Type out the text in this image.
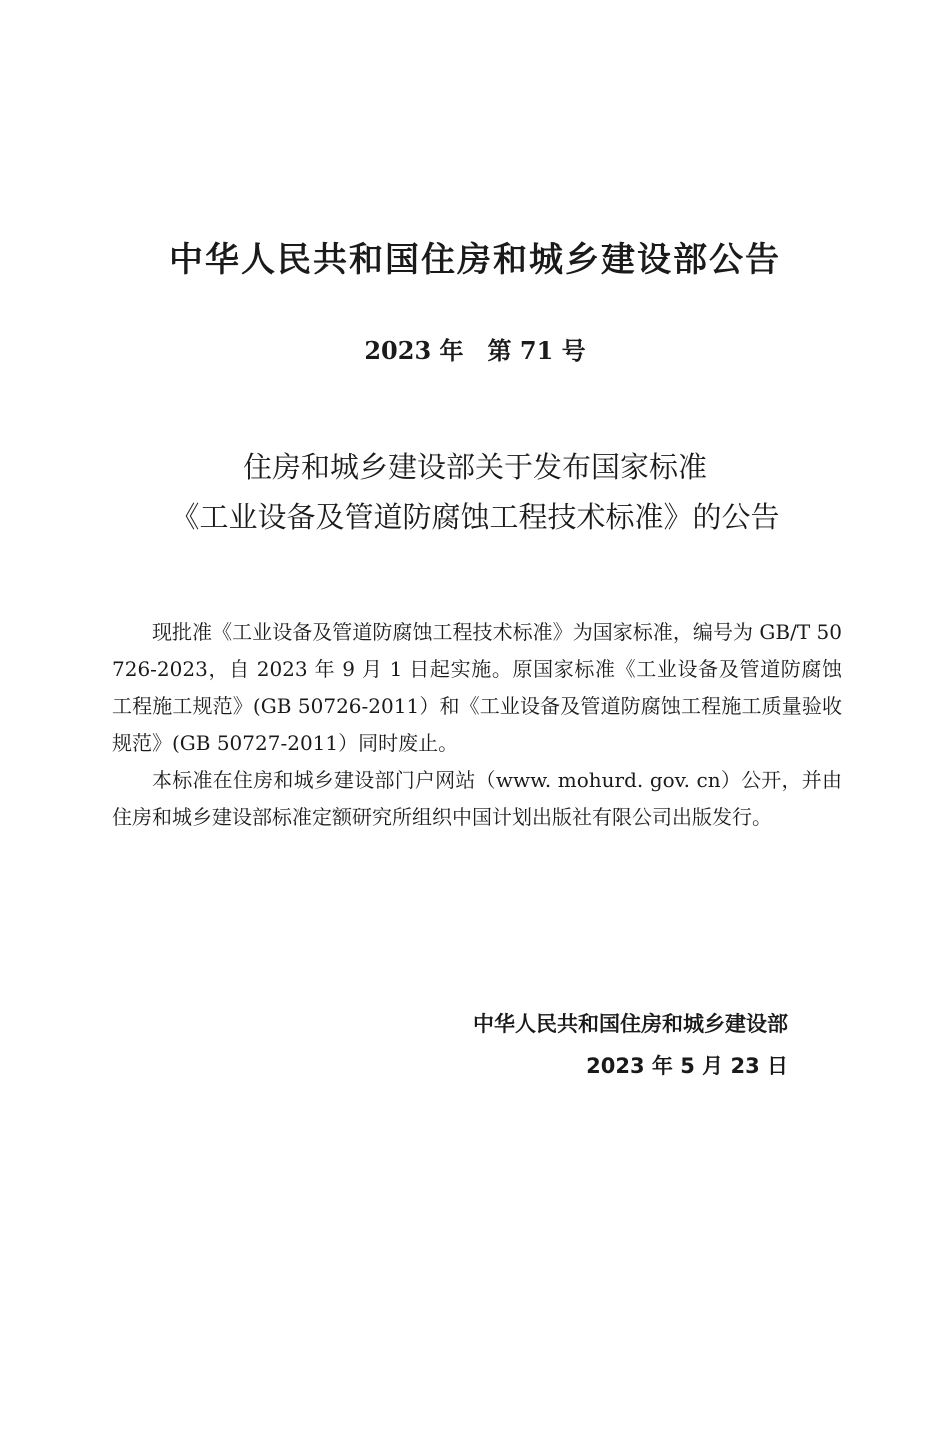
中华人民共和国住房和城乡建设部公告
2023 年　第 71 号
住房和城乡建设部关于发布国家标准
《工业设备及管道防腐蚀工程技术标准》的公告

现批准《工业设备及管道防腐蚀工程技术标准》为国家标准，编号为 GB/T 50726-2023，自 2023 年 9 月 1 日起实施。原国家标准《工业设备及管道防腐蚀工程施工规范》(GB 50726-2011）和《工业设备及管道防腐蚀工程施工质量验收规范》(GB 50727-2011）同时废止。

本标准在住房和城乡建设部门户网站（www. mohurd. gov. cn）公开，并由住房和城乡建设部标准定额研究所组织中国计划出版社有限公司出版发行。

中华人民共和国住房和城乡建设部
2023 年 5 月 23 日
